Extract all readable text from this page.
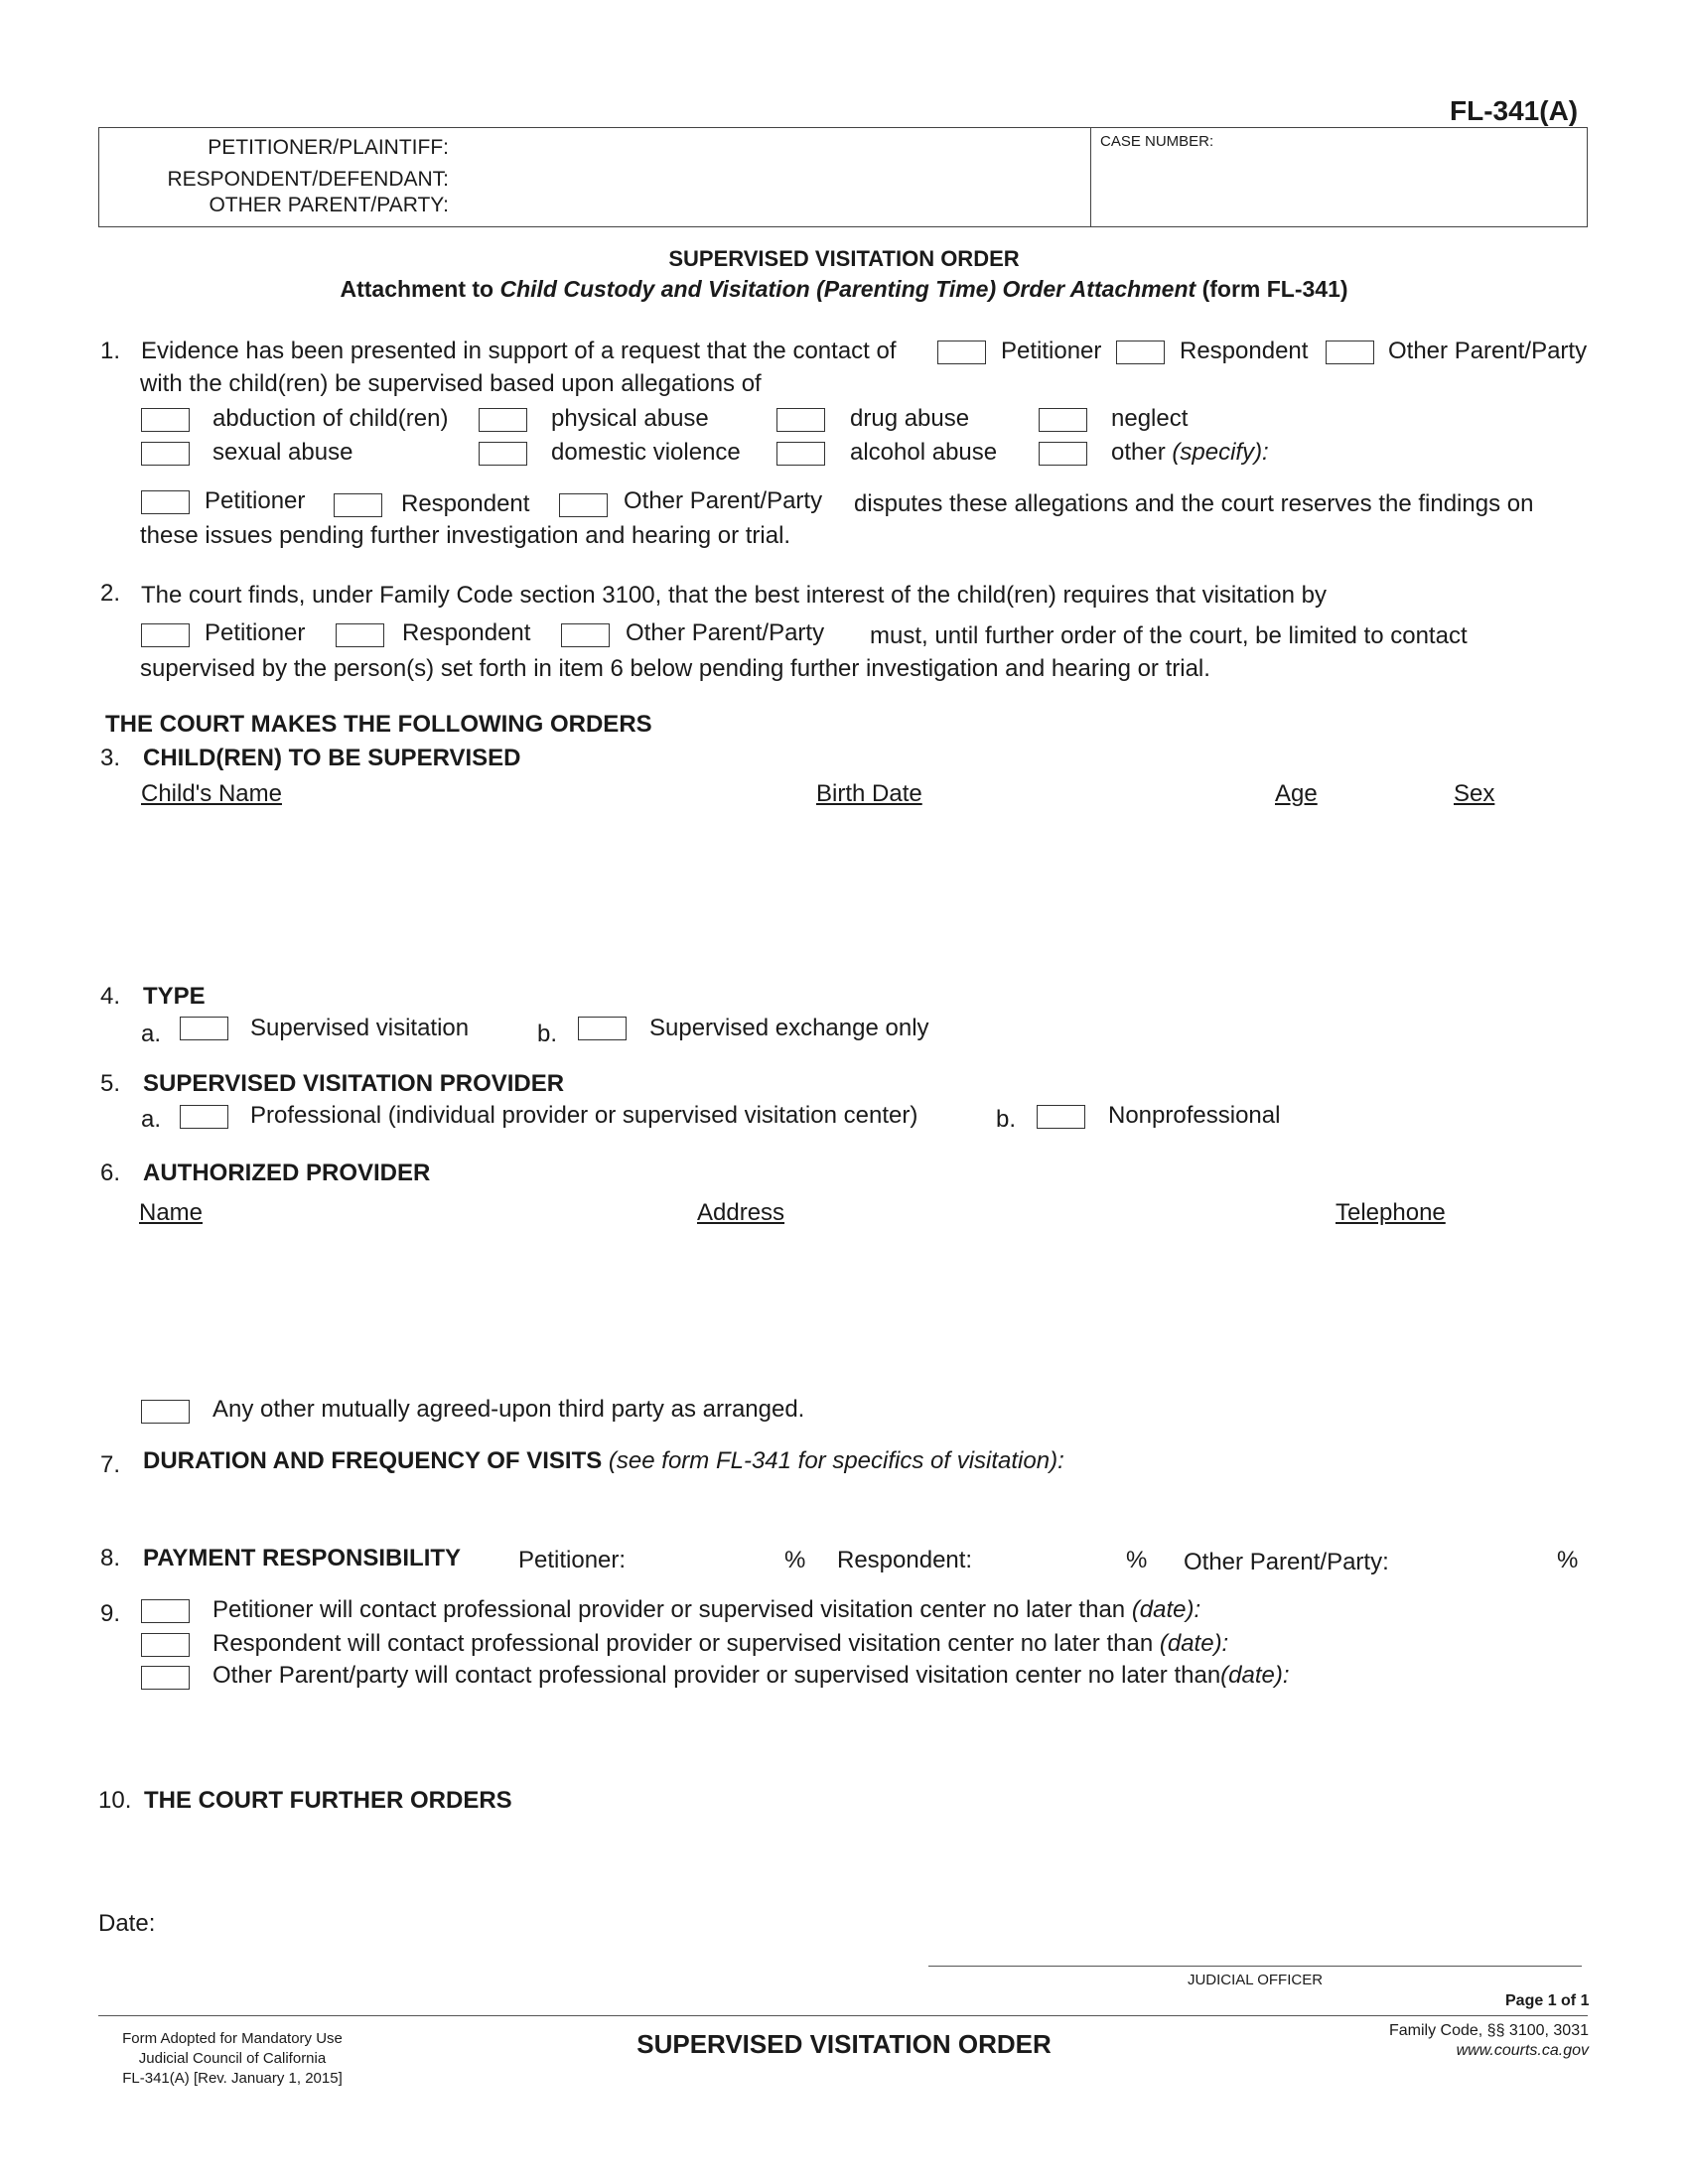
FL-341(A)
PETITIONER/PLAINTIFF:
RESPONDENT/DEFENDANT:
OTHER PARENT/PARTY:
CASE NUMBER:
SUPERVISED VISITATION ORDER
Attachment to Child Custody and Visitation (Parenting Time) Order Attachment (form FL-341)
1. Evidence has been presented in support of a request that the contact of	Petitioner	Respondent	Other Parent/Party
with the child(ren) be supervised based upon allegations of
abduction of child(ren)	physical abuse	drug abuse	neglect
sexual abuse	domestic violence	alcohol abuse	other (specify):
Petitioner	Respondent	Other Parent/Party disputes these allegations and the court reserves the findings on
these issues pending further investigation and hearing or trial.
2. The court finds, under Family Code section 3100, that the best interest of the child(ren) requires that visitation by
Petitioner	Respondent	Other Parent/Party must, until further order of the court, be limited to contact
supervised by the person(s) set forth in item 6 below pending further investigation and hearing or trial.
THE COURT MAKES THE FOLLOWING ORDERS
3. CHILD(REN) TO BE SUPERVISED
Child's Name	Birth Date	Age	Sex
4. TYPE
a.	Supervised visitation	b.	Supervised exchange only
5. SUPERVISED VISITATION PROVIDER
a.	Professional (individual provider or supervised visitation center)	b.	Nonprofessional
6. AUTHORIZED PROVIDER
Name	Address	Telephone
Any other mutually agreed-upon third party as arranged.
7. DURATION AND FREQUENCY OF VISITS (see form FL-341 for specifics of visitation):
8. PAYMENT RESPONSIBILITY Petitioner:	% Respondent:	% Other Parent/Party:	%
9.	Petitioner will contact professional provider or supervised visitation center no later than (date):
Respondent will contact professional provider or supervised visitation center no later than (date):
Other Parent/party will contact professional provider or supervised visitation center no later than(date):
10. THE COURT FURTHER ORDERS
Date:
JUDICIAL OFFICER
Page 1 of 1
Form Adopted for Mandatory Use
Judicial Council of California
FL-341(A) [Rev. January 1, 2015]
SUPERVISED VISITATION ORDER	Family Code, §§ 3100, 3031
www.courts.ca.gov
